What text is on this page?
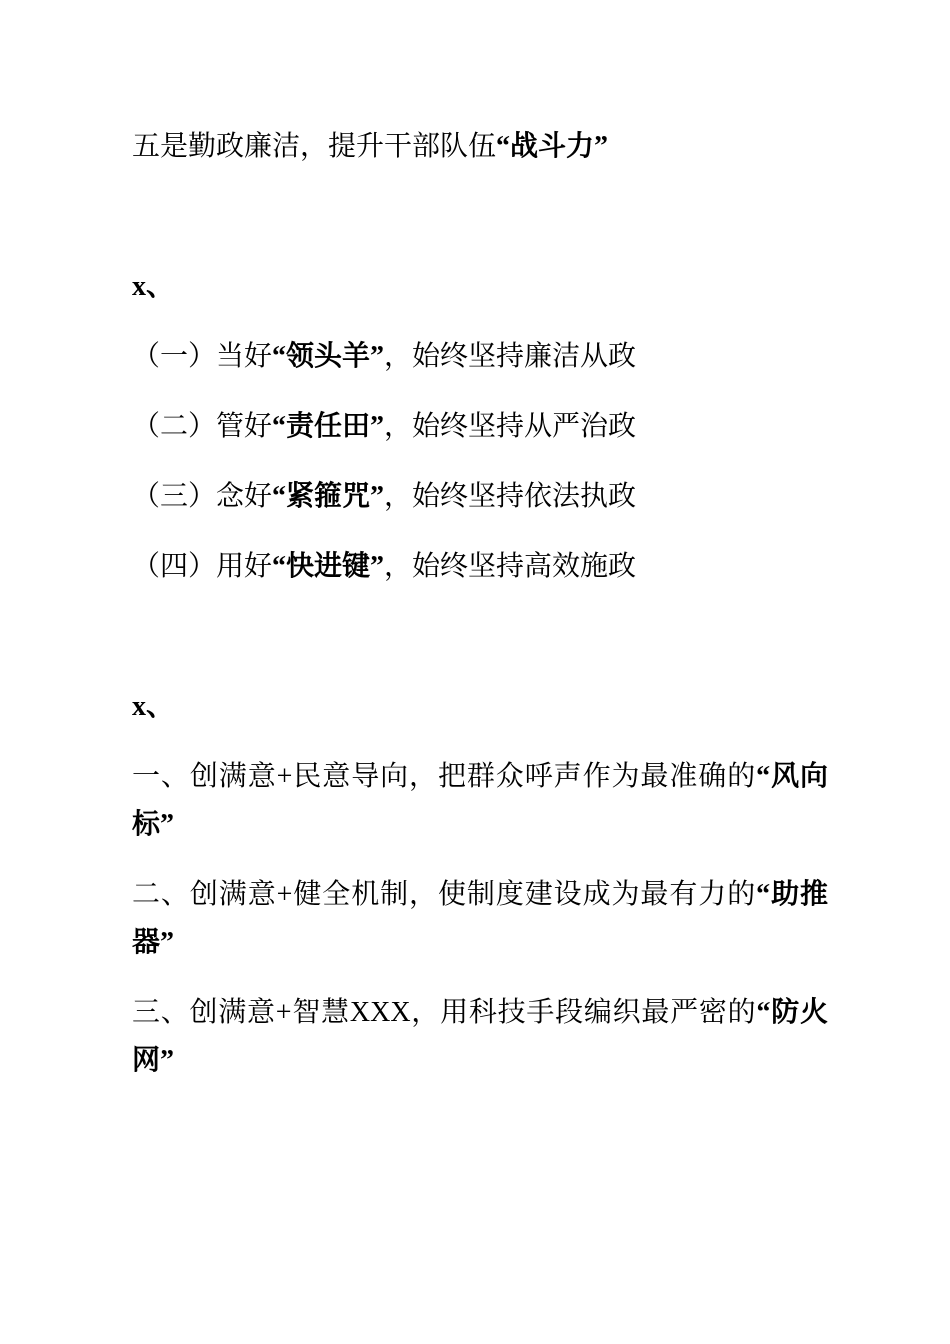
五是勤政廉洁，提升干部队伍“战斗力”
x、
（一）当好“领头羊”，始终坚持廉洁从政
（二）管好“责任田”，始终坚持从严治政
（三）念好“紧箍咒”，始终坚持依法执政
（四）用好“快进键”，始终坚持高效施政
x、
一、创满意+民意导向，把群众呼声作为最准确的“风向
标”
二、创满意+健全机制，使制度建设成为最有力的“助推
器”
三、创满意+智慧XXX，用科技手段编织最严密的“防火
网”
